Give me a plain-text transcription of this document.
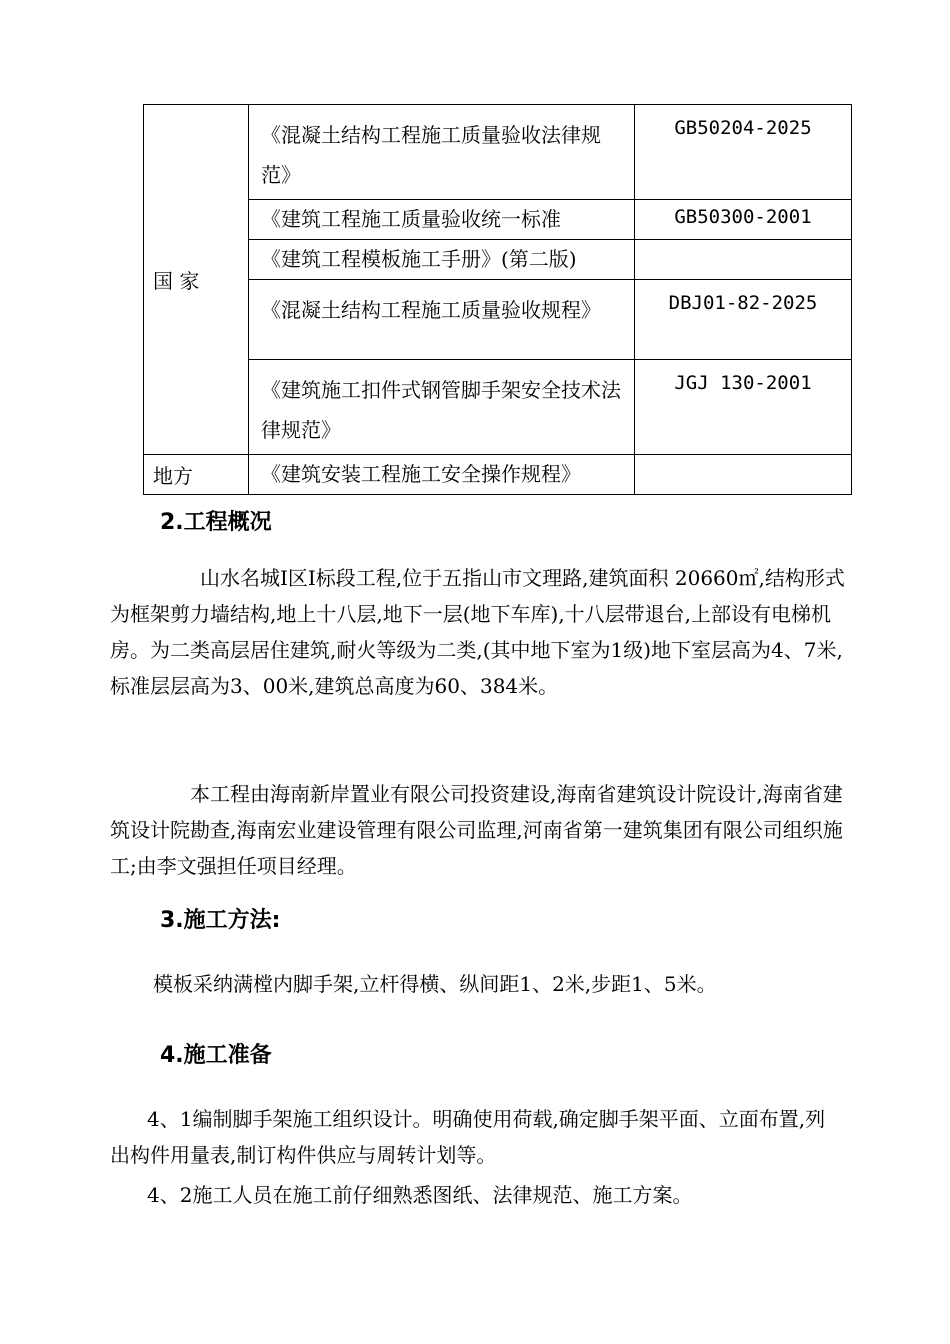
国 家	《混凝土结构工程施工质量验收法律规范》	GB50204-2025
	《建筑工程施工质量验收统一标准	GB50300-2001
	《建筑工程模板施工手册》(第二版)	
	《混凝土结构工程施工质量验收规程》	DBJ01-82-2025
	《建筑施工扣件式钢管脚手架安全技术法律规范》	JGJ 130-2001
地方	《建筑安装工程施工安全操作规程》	
2.工程概况

山水名城Ⅰ区Ⅰ标段工程,位于五指山市文理路,建筑面积 20660㎡,结构形式为框架剪力墙结构,地上十八层,地下一层(地下车库),十八层带退台,上部设有电梯机房。为二类高层居住建筑,耐火等级为二类,(其中地下室为1级)地下室层高为4、7米,标准层层高为3、00米,建筑总高度为60、384米。

本工程由海南新岸置业有限公司投资建设,海南省建筑设计院设计,海南省建筑设计院勘查,海南宏业建设管理有限公司监理,河南省第一建筑集团有限公司组织施工;由李文强担任项目经理。

3.施工方法:

模板采纳满樘内脚手架,立杆得横、纵间距1、2米,步距1、5米。

4.施工准备

4、1编制脚手架施工组织设计。明确使用荷载,确定脚手架平面、立面布置,列出构件用量表,制订构件供应与周转计划等。

4、2施工人员在施工前仔细熟悉图纸、法律规范、施工方案。
